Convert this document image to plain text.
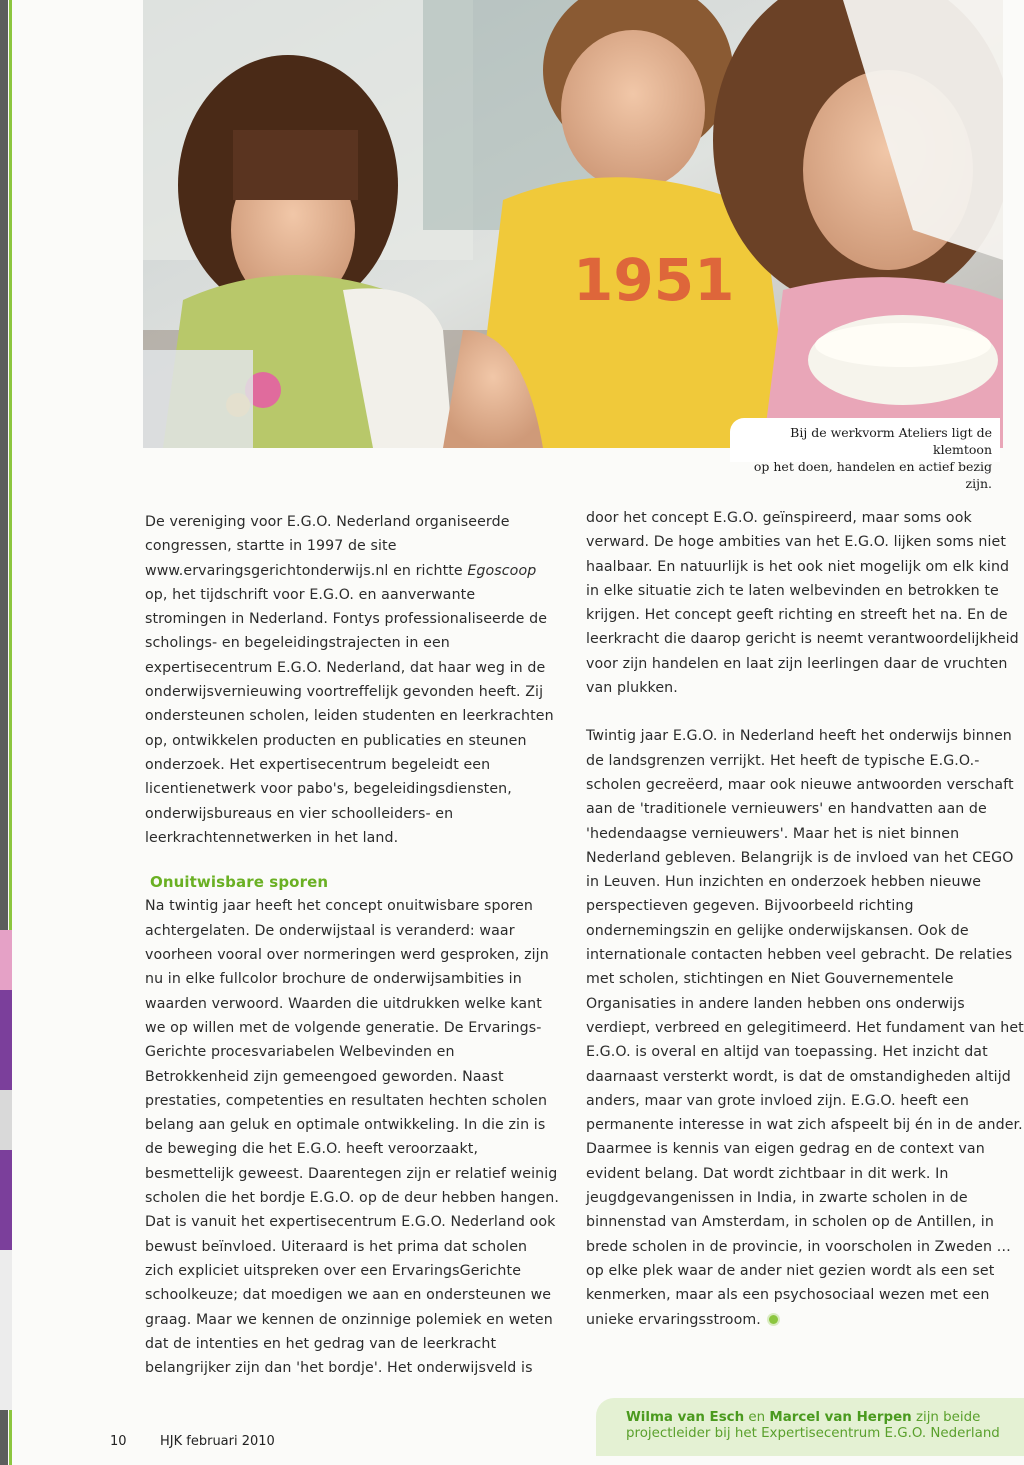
1951
Bij de werkvorm Ateliers ligt de klemtoon
op het doen, handelen en actief bezig zijn.

De vereniging voor E.G.O. Nederland organiseerde congressen, startte in 1997 de site www.ervaringsgerichtonderwijs.nl en richtte Egoscoop op, het tijdschrift voor E.G.O. en aanverwante stromingen in Nederland. Fontys professionaliseerde de scholings- en begeleidingstrajecten in een expertisecentrum E.G.O. Nederland, dat haar weg in de onderwijsvernieuwing voortreffelijk gevonden heeft. Zij ondersteunen scholen, leiden studenten en leerkrachten op, ontwikkelen producten en publicaties en steunen onderzoek. Het expertisecentrum begeleidt een licentienetwerk voor pabo's, begeleidingsdiensten, onderwijsbureaus en vier schoolleiders- en leerkrachtennetwerken in het land.

Onuitwisbare sporen

Na twintig jaar heeft het concept onuitwisbare sporen achtergelaten. De onderwijstaal is veranderd: waar voorheen vooral over normeringen werd gesproken, zijn nu in elke fullcolor brochure de onderwijsambities in waarden verwoord. Waarden die uitdrukken welke kant we op willen met de volgende generatie. De Ervarings-Gerichte procesvariabelen Welbevinden en Betrokkenheid zijn gemeengoed geworden. Naast prestaties, competenties en resultaten hechten scholen belang aan geluk en optimale ontwikkeling. In die zin is de beweging die het E.G.O. heeft veroorzaakt, besmettelijk geweest. Daarentegen zijn er relatief weinig scholen die het bordje E.G.O. op de deur hebben hangen. Dat is vanuit het expertisecentrum E.G.O. Nederland ook bewust beïnvloed. Uiteraard is het prima dat scholen zich expliciet uitspreken over een ErvaringsGerichte schoolkeuze; dat moedigen we aan en ondersteunen we graag. Maar we kennen de onzinnige polemiek en weten dat de intenties en het gedrag van de leerkracht belangrijker zijn dan 'het bordje'. Het onderwijsveld is

door het concept E.G.O. geïnspireerd, maar soms ook verward. De hoge ambities van het E.G.O. lijken soms niet haalbaar. En natuurlijk is het ook niet mogelijk om elk kind in elke situatie zich te laten welbevinden en betrokken te krijgen. Het concept geeft richting en streeft het na. En de leerkracht die daarop gericht is neemt verantwoordelijkheid voor zijn handelen en laat zijn leerlingen daar de vruchten van plukken.

Twintig jaar E.G.O. in Nederland heeft het onderwijs binnen de landsgrenzen verrijkt. Het heeft de typische E.G.O.-scholen gecreëerd, maar ook nieuwe antwoorden verschaft aan de 'traditionele vernieuwers' en handvatten aan de 'hedendaagse vernieuwers'. Maar het is niet binnen Nederland gebleven. Belangrijk is de invloed van het CEGO in Leuven. Hun inzichten en onderzoek hebben nieuwe perspectieven gegeven. Bijvoorbeeld richting ondernemingszin en gelijke onderwijskansen. Ook de internationale contacten hebben veel gebracht. De relaties met scholen, stichtingen en Niet Gouvernementele Organisaties in andere landen hebben ons onderwijs verdiept, verbreed en gelegitimeerd. Het fundament van het E.G.O. is overal en altijd van toepassing. Het inzicht dat daarnaast versterkt wordt, is dat de omstandigheden altijd anders, maar van grote invloed zijn. E.G.O. heeft een permanente interesse in wat zich afspeelt bij én in de ander. Daarmee is kennis van eigen gedrag en de context van evident belang. Dat wordt zichtbaar in dit werk. In jeugdgevangenissen in India, in zwarte scholen in de binnenstad van Amsterdam, in scholen op de Antillen, in brede scholen in de provincie, in voorscholen in Zweden … op elke plek waar de ander niet gezien wordt als een set kenmerken, maar als een psychosociaal wezen met een unieke ervaringsstroom.

Wilma van Esch en Marcel van Herpen zijn beide projectleider bij het Expertisecentrum E.G.O. Nederland
10	HJK februari 2010
